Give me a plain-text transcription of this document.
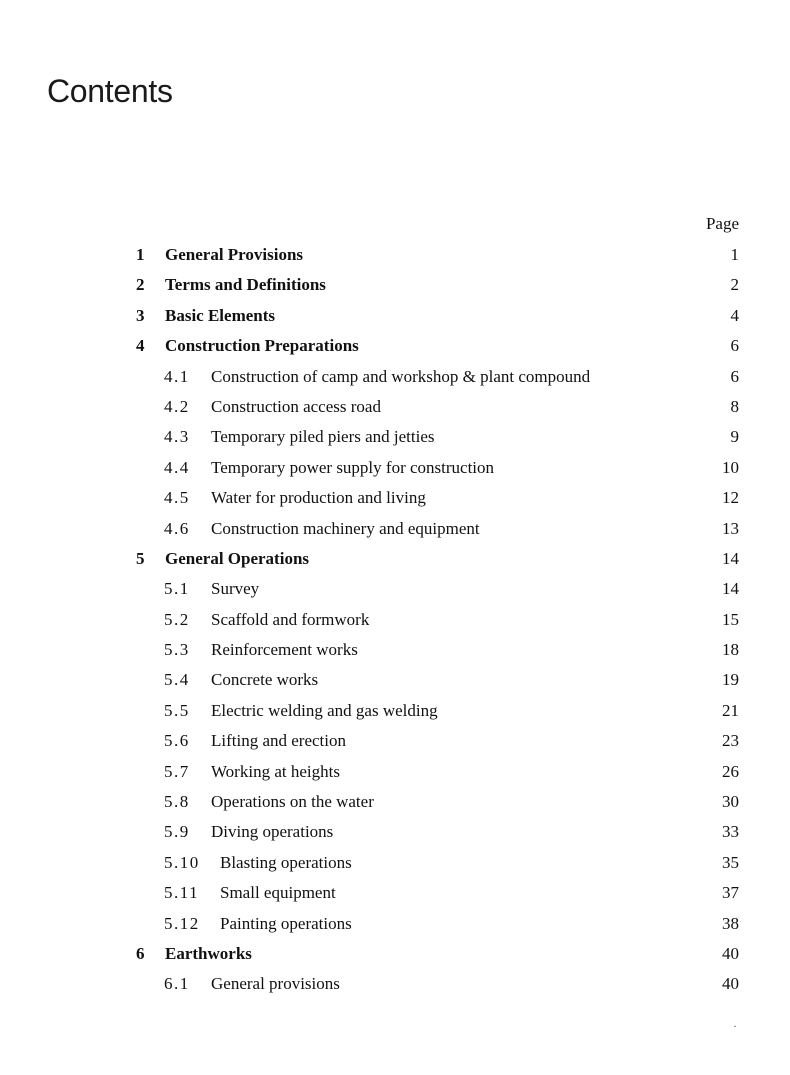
Contents
Page
1 General Provisions	1
2 Terms and Definitions	2
3 Basic Elements	4
4 Construction Preparations	6
4.1 Construction of camp and workshop & plant compound	6
4.2 Construction access road	8
4.3 Temporary piled piers and jetties	9
4.4 Temporary power supply for construction	10
4.5 Water for production and living	12
4.6 Construction machinery and equipment	13
5 General Operations	14
5.1 Survey	14
5.2 Scaffold and formwork	15
5.3 Reinforcement works	18
5.4 Concrete works	19
5.5 Electric welding and gas welding	21
5.6 Lifting and erection	23
5.7 Working at heights	26
5.8 Operations on the water	30
5.9 Diving operations	33
5.10 Blasting operations	35
5.11 Small equipment	37
5.12 Painting operations	38
6 Earthworks	40
6.1 General provisions	40
·
